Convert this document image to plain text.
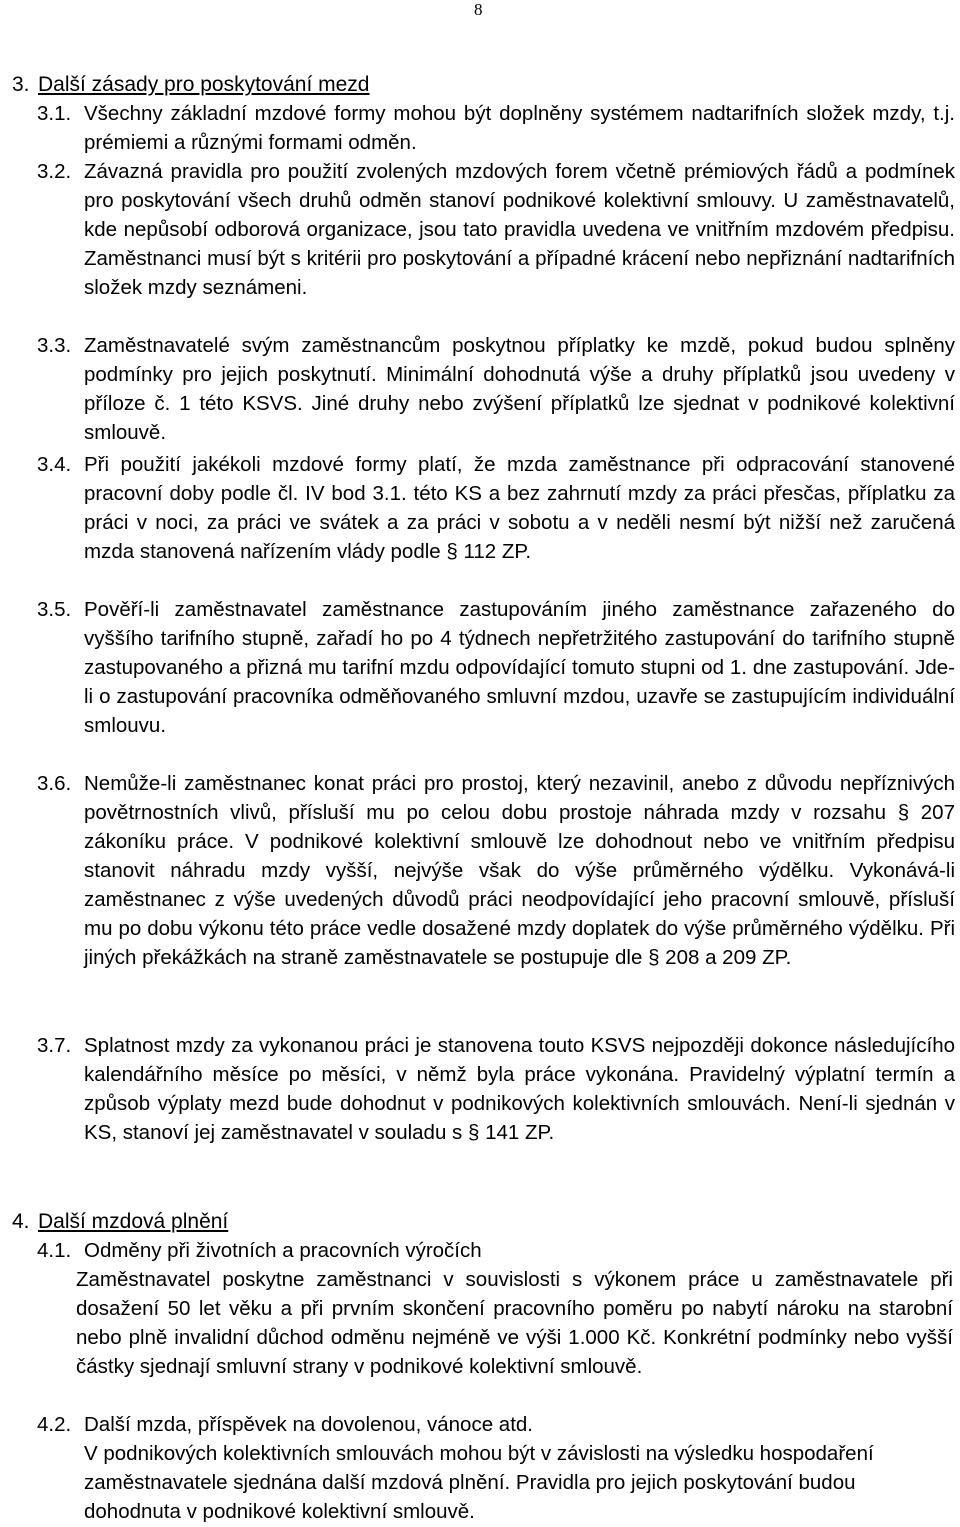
8
3. Další zásady pro poskytování mezd
3.1. Všechny základní mzdové formy mohou být doplněny systémem nadtarifních složek mzdy, t.j. prémiemi a různými formami odměn.
3.2. Závazná pravidla pro použití zvolených mzdových forem včetně prémiových řádů a podmínek pro poskytování všech druhů odměn stanoví podnikové kolektivní smlouvy. U zaměstnavatelů, kde nepůsobí odborová organizace, jsou tato pravidla uvedena ve vnitřním mzdovém předpisu. Zaměstnanci musí být s kritérii pro poskytování a případné krácení nebo nepřiznání nadtarifních složek mzdy seznámeni.
3.3. Zaměstnavatelé svým zaměstnancům poskytnou příplatky ke mzdě, pokud budou splněny podmínky pro jejich poskytnutí. Minimální dohodnutá výše a druhy příplatků jsou uvedeny v příloze č. 1 této KSVS. Jiné druhy nebo zvýšení příplatků lze sjednat v podnikové kolektivní smlouvě.
3.4. Při použití jakékoli mzdové formy platí, že mzda zaměstnance při odpracování stanovené pracovní doby podle čl. IV bod 3.1. této KS a bez zahrnutí mzdy za práci přesčas, příplatku za práci v noci, za práci ve svátek a za práci v sobotu a v neděli nesmí být nižší než zaručená mzda stanovená nařízením vlády podle § 112 ZP.
3.5. Pověří-li zaměstnavatel zaměstnance zastupováním jiného zaměstnance zařazeného do vyššího tarifního stupně, zařadí ho po 4 týdnech nepřetržitého zastupování do tarifního stupně zastupovaného a přizná mu tarifní mzdu odpovídající tomuto stupni od 1. dne zastupování. Jde-li o zastupování pracovníka odměňovaného smluvní mzdou, uzavře se zastupujícím individuální smlouvu.
3.6. Nemůže-li zaměstnanec konat práci pro prostoj, který nezavinil, anebo z důvodu nepříznivých povětrnostních vlivů, přísluší mu po celou dobu prostoje náhrada mzdy v rozsahu § 207 zákoníku práce. V podnikové kolektivní smlouvě lze dohodnout nebo ve vnitřním předpisu stanovit náhradu mzdy vyšší, nejvýše však do výše průměrného výdělku. Vykonává-li zaměstnanec z výše uvedených důvodů práci neodpovídající jeho pracovní smlouvě, přísluší mu po dobu výkonu této práce vedle dosažené mzdy doplatek do výše průměrného výdělku. Při jiných překážkách na straně zaměstnavatele se postupuje dle § 208 a 209 ZP.
3.7. Splatnost mzdy za vykonanou práci je stanovena touto KSVS nejpozději dokonce následujícího kalendářního měsíce po měsíci, v němž byla práce vykonána. Pravidelný výplatní termín a způsob výplaty mezd bude dohodnut v podnikových kolektivních smlouvách. Není-li sjednán v KS, stanoví jej zaměstnavatel v souladu s § 141 ZP.
4. Další mzdová plnění
4.1. Odměny při životních a pracovních výročích
Zaměstnavatel poskytne zaměstnanci v souvislosti s výkonem práce u zaměstnavatele při dosažení 50 let věku a při prvním skončení pracovního poměru po nabytí nároku na starobní nebo plně invalidní důchod odměnu nejméně ve výši 1.000 Kč. Konkrétní podmínky nebo vyšší částky sjednají smluvní strany v podnikové kolektivní smlouvě.
4.2. Další mzda, příspěvek na dovolenou, vánoce atd.
V podnikových kolektivních smlouvách mohou být v závislosti na výsledku hospodaření zaměstnavatele sjednána další mzdová plnění. Pravidla pro jejich poskytování budou dohodnuta v podnikové kolektivní smlouvě.
